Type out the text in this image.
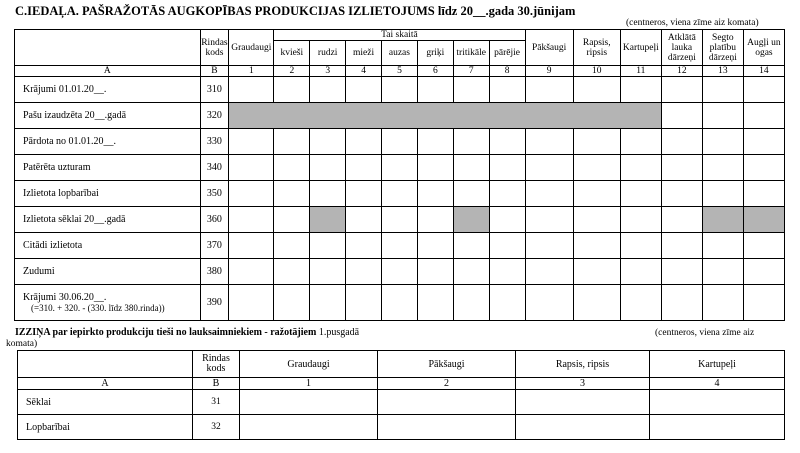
C.IEDAĻA. PAŠRAŽOTĀS AUGKOPĪBAS PRODUKCIJAS IZLIETOJUMS līdz 20__.gada 30.jūnijam
(centneros, viena zīme aiz komata)
	Rindas kods	Graudaugi	Tai skaitā							Pākšaugi	Rapsis, ripsis	Kartupeļi	Atklātā lauka dārzeņi	Segto platību dārzeņi	Augļi un ogas
			kvieši	rudzi	mieži	auzas	griķi	tritikāle	pārējie						
A	B	1	2	3	4	5	6	7	8	9	10	11	12	13	14
Krājumi 01.01.20__.	310														
Pašu izaudzēta 20__.gadā	320														
Pārdota no 01.01.20__.	330														
Patērēta uzturam	340														
Izlietota lopbarībai	350														
Izlietota sēklai 20__.gadā	360														
Citādi izlietota	370														
Zudumi	380														

Krājumi 30.06.20__.
(=310. + 320. - (330. līdz 380.rinda))	390														
IZZIŅA par iepirkto produkciju tieši no lauksaimniekiem - ražotājiem 1.pusgadā	(centneros, viena zīme aiz
komata)
	Rindas kods	Graudaugi	Pākšaugi	Rapsis, ripsis	Kartupeļi
A	B	1	2	3	4
Sēklai	31				
Lopbarībai	32				
